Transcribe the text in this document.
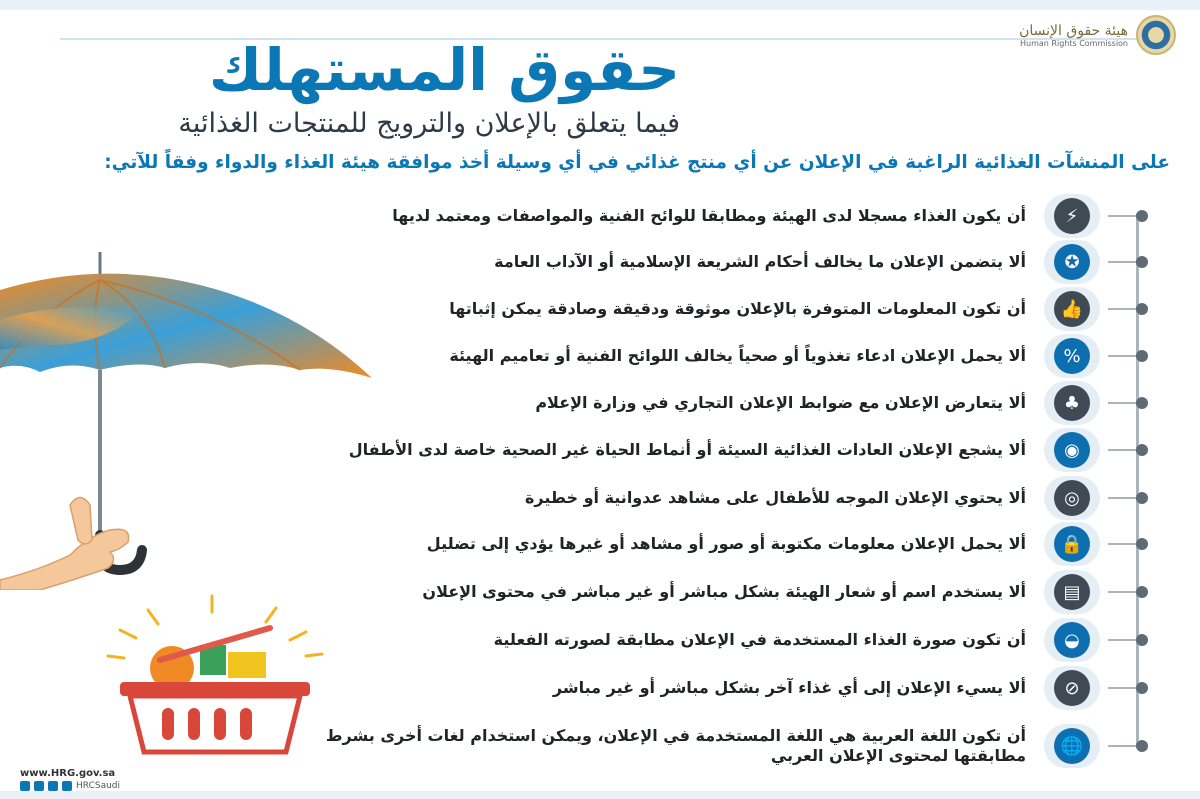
هيئة حقوق الإنسان
Human Rights Commission
حقوق المستهلك
فيما يتعلق بالإعلان والترويج للمنتجات الغذائية
على المنشآت الغذائية الراغبة في الإعلان عن أي منتج غذائي في أي وسيلة أخذ موافقة هيئة الغذاء والدواء وفقاً للآتي:
⚡
أن يكون الغذاء مسجلا لدى الهيئة ومطابقا للوائح الفنية والمواصفات ومعتمد لديها
✪
ألا يتضمن الإعلان ما يخالف أحكام الشريعة الإسلامية أو الآداب العامة
👍
أن تكون المعلومات المتوفرة بالإعلان موثوقة ودقيقة وصادقة يمكن إثباتها
%
ألا يحمل الإعلان ادعاء تغذوياً أو صحياً يخالف اللوائح الفنية أو تعاميم الهيئة
♣
ألا يتعارض الإعلان مع ضوابط الإعلان التجاري في وزارة الإعلام
◉
ألا يشجع الإعلان العادات الغذائية السيئة أو أنماط الحياة غير الصحية خاصة لدى الأطفال
◎
ألا يحتوي الإعلان الموجه للأطفال على مشاهد عدوانية أو خطيرة
🔒
ألا يحمل الإعلان معلومات مكتوبة أو صور أو مشاهد أو غيرها يؤدي إلى تضليل
▤
ألا يستخدم اسم أو شعار الهيئة بشكل مباشر أو غير مباشر في محتوى الإعلان
◒
أن تكون صورة الغذاء المستخدمة في الإعلان مطابقة لصورته الفعلية
⊘
ألا يسيء الإعلان إلى أي غذاء آخر بشكل مباشر أو غير مباشر
🌐
أن تكون اللغة العربية هي اللغة المستخدمة في الإعلان، ويمكن استخدام لغات أخرى بشرط مطابقتها لمحتوى الإعلان العربي
www.HRG.gov.sa
HRCSaudi
